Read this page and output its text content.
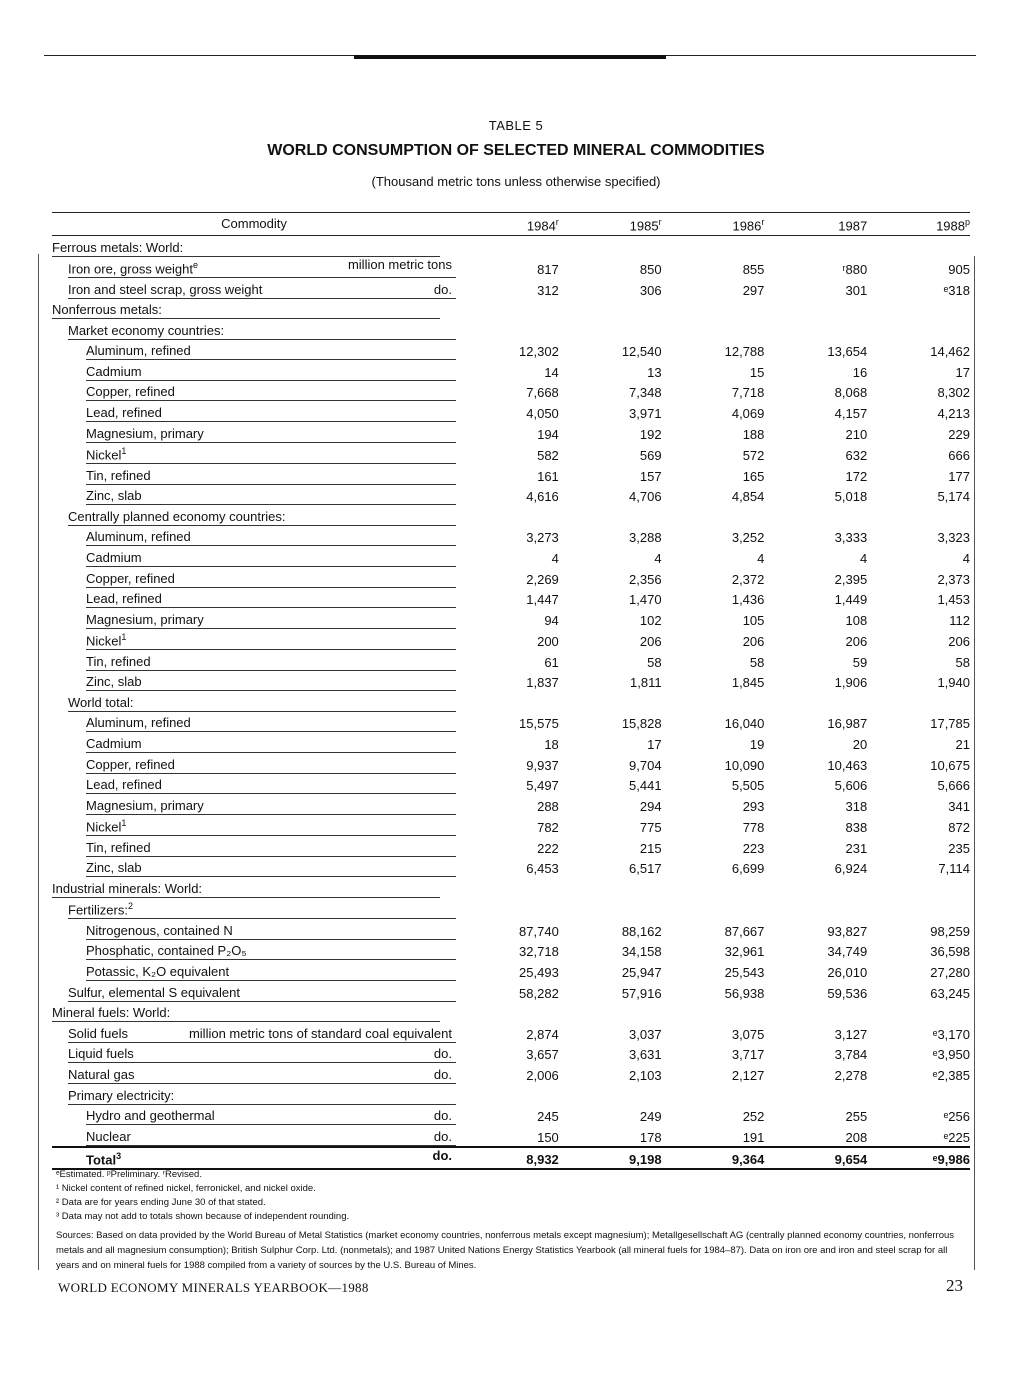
TABLE 5
WORLD CONSUMPTION OF SELECTED MINERAL COMMODITIES
(Thousand metric tons unless otherwise specified)
Commodity	1984$^r$	1985$^r$	1986$^r$	1987	1988$^p$

Ferrous metals: World:					

Iron ore, gross weight$^e$ million metric tons	817	850	855	ʳ880	905

Iron and steel scrap, gross weight do.	312	306	297	301	ᵉ318

Nonferrous metals:					

Market economy countries:					

Aluminum, refined	12,302	12,540	12,788	13,654	14,462

Cadmium	14	13	15	16	17

Copper, refined	7,668	7,348	7,718	8,068	8,302

Lead, refined	4,050	3,971	4,069	4,157	4,213

Magnesium, primary	194	192	188	210	229

Nickel$^1$	582	569	572	632	666

Tin, refined	161	157	165	172	177

Zinc, slab	4,616	4,706	4,854	5,018	5,174

Centrally planned economy countries:					

Aluminum, refined	3,273	3,288	3,252	3,333	3,323

Cadmium	4	4	4	4	4

Copper, refined	2,269	2,356	2,372	2,395	2,373

Lead, refined	1,447	1,470	1,436	1,449	1,453

Magnesium, primary	94	102	105	108	112

Nickel$^1$	200	206	206	206	206

Tin, refined	61	58	58	59	58

Zinc, slab	1,837	1,811	1,845	1,906	1,940

World total:					

Aluminum, refined	15,575	15,828	16,040	16,987	17,785

Cadmium	18	17	19	20	21

Copper, refined	9,937	9,704	10,090	10,463	10,675

Lead, refined	5,497	5,441	5,505	5,606	5,666

Magnesium, primary	288	294	293	318	341

Nickel$^1$	782	775	778	838	872

Tin, refined	222	215	223	231	235

Zinc, slab	6,453	6,517	6,699	6,924	7,114

Industrial minerals: World:					

Fertilizers:$^2$

Nitrogenous, contained N	87,740	88,162	87,667	93,827	98,259

Phosphatic, contained P₂O₅	32,718	34,158	32,961	34,749	36,598

Potassic, K₂O equivalent	25,493	25,947	25,543	26,010	27,280

Sulfur, elemental S equivalent	58,282	57,916	56,938	59,536	63,245

Mineral fuels: World:					

Solid fuels million metric tons of standard coal equivalent	2,874	3,037	3,075	3,127	ᵉ3,170

Liquid fuels do.	3,657	3,631	3,717	3,784	ᵉ3,950

Natural gas do.	2,006	2,103	2,127	2,278	ᵉ2,385

Primary electricity:					

Hydro and geothermal do.	245	249	252	255	ᵉ256

Nuclear do.	150	178	191	208	ᵉ225

Total$^3$ do.	8,932	9,198	9,364	9,654	ᵉ9,986
ᵉEstimated. ᵖPreliminary. ʳRevised.
¹ Nickel content of refined nickel, ferronickel, and nickel oxide.
² Data are for years ending June 30 of that stated.
³ Data may not add to totals shown because of independent rounding.
Sources: Based on data provided by the World Bureau of Metal Statistics (market economy countries, nonferrous metals except magnesium); Metallgesellschaft AG (centrally planned economy countries, nonferrous metals and all magnesium consumption); British Sulphur Corp. Ltd. (nonmetals); and 1987 United Nations Energy Statistics Yearbook (all mineral fuels for 1984–87). Data on iron ore and iron and steel scrap for all years and on mineral fuels for 1988 compiled from a variety of sources by the U.S. Bureau of Mines.
WORLD ECONOMY MINERALS YEARBOOK—1988	23
